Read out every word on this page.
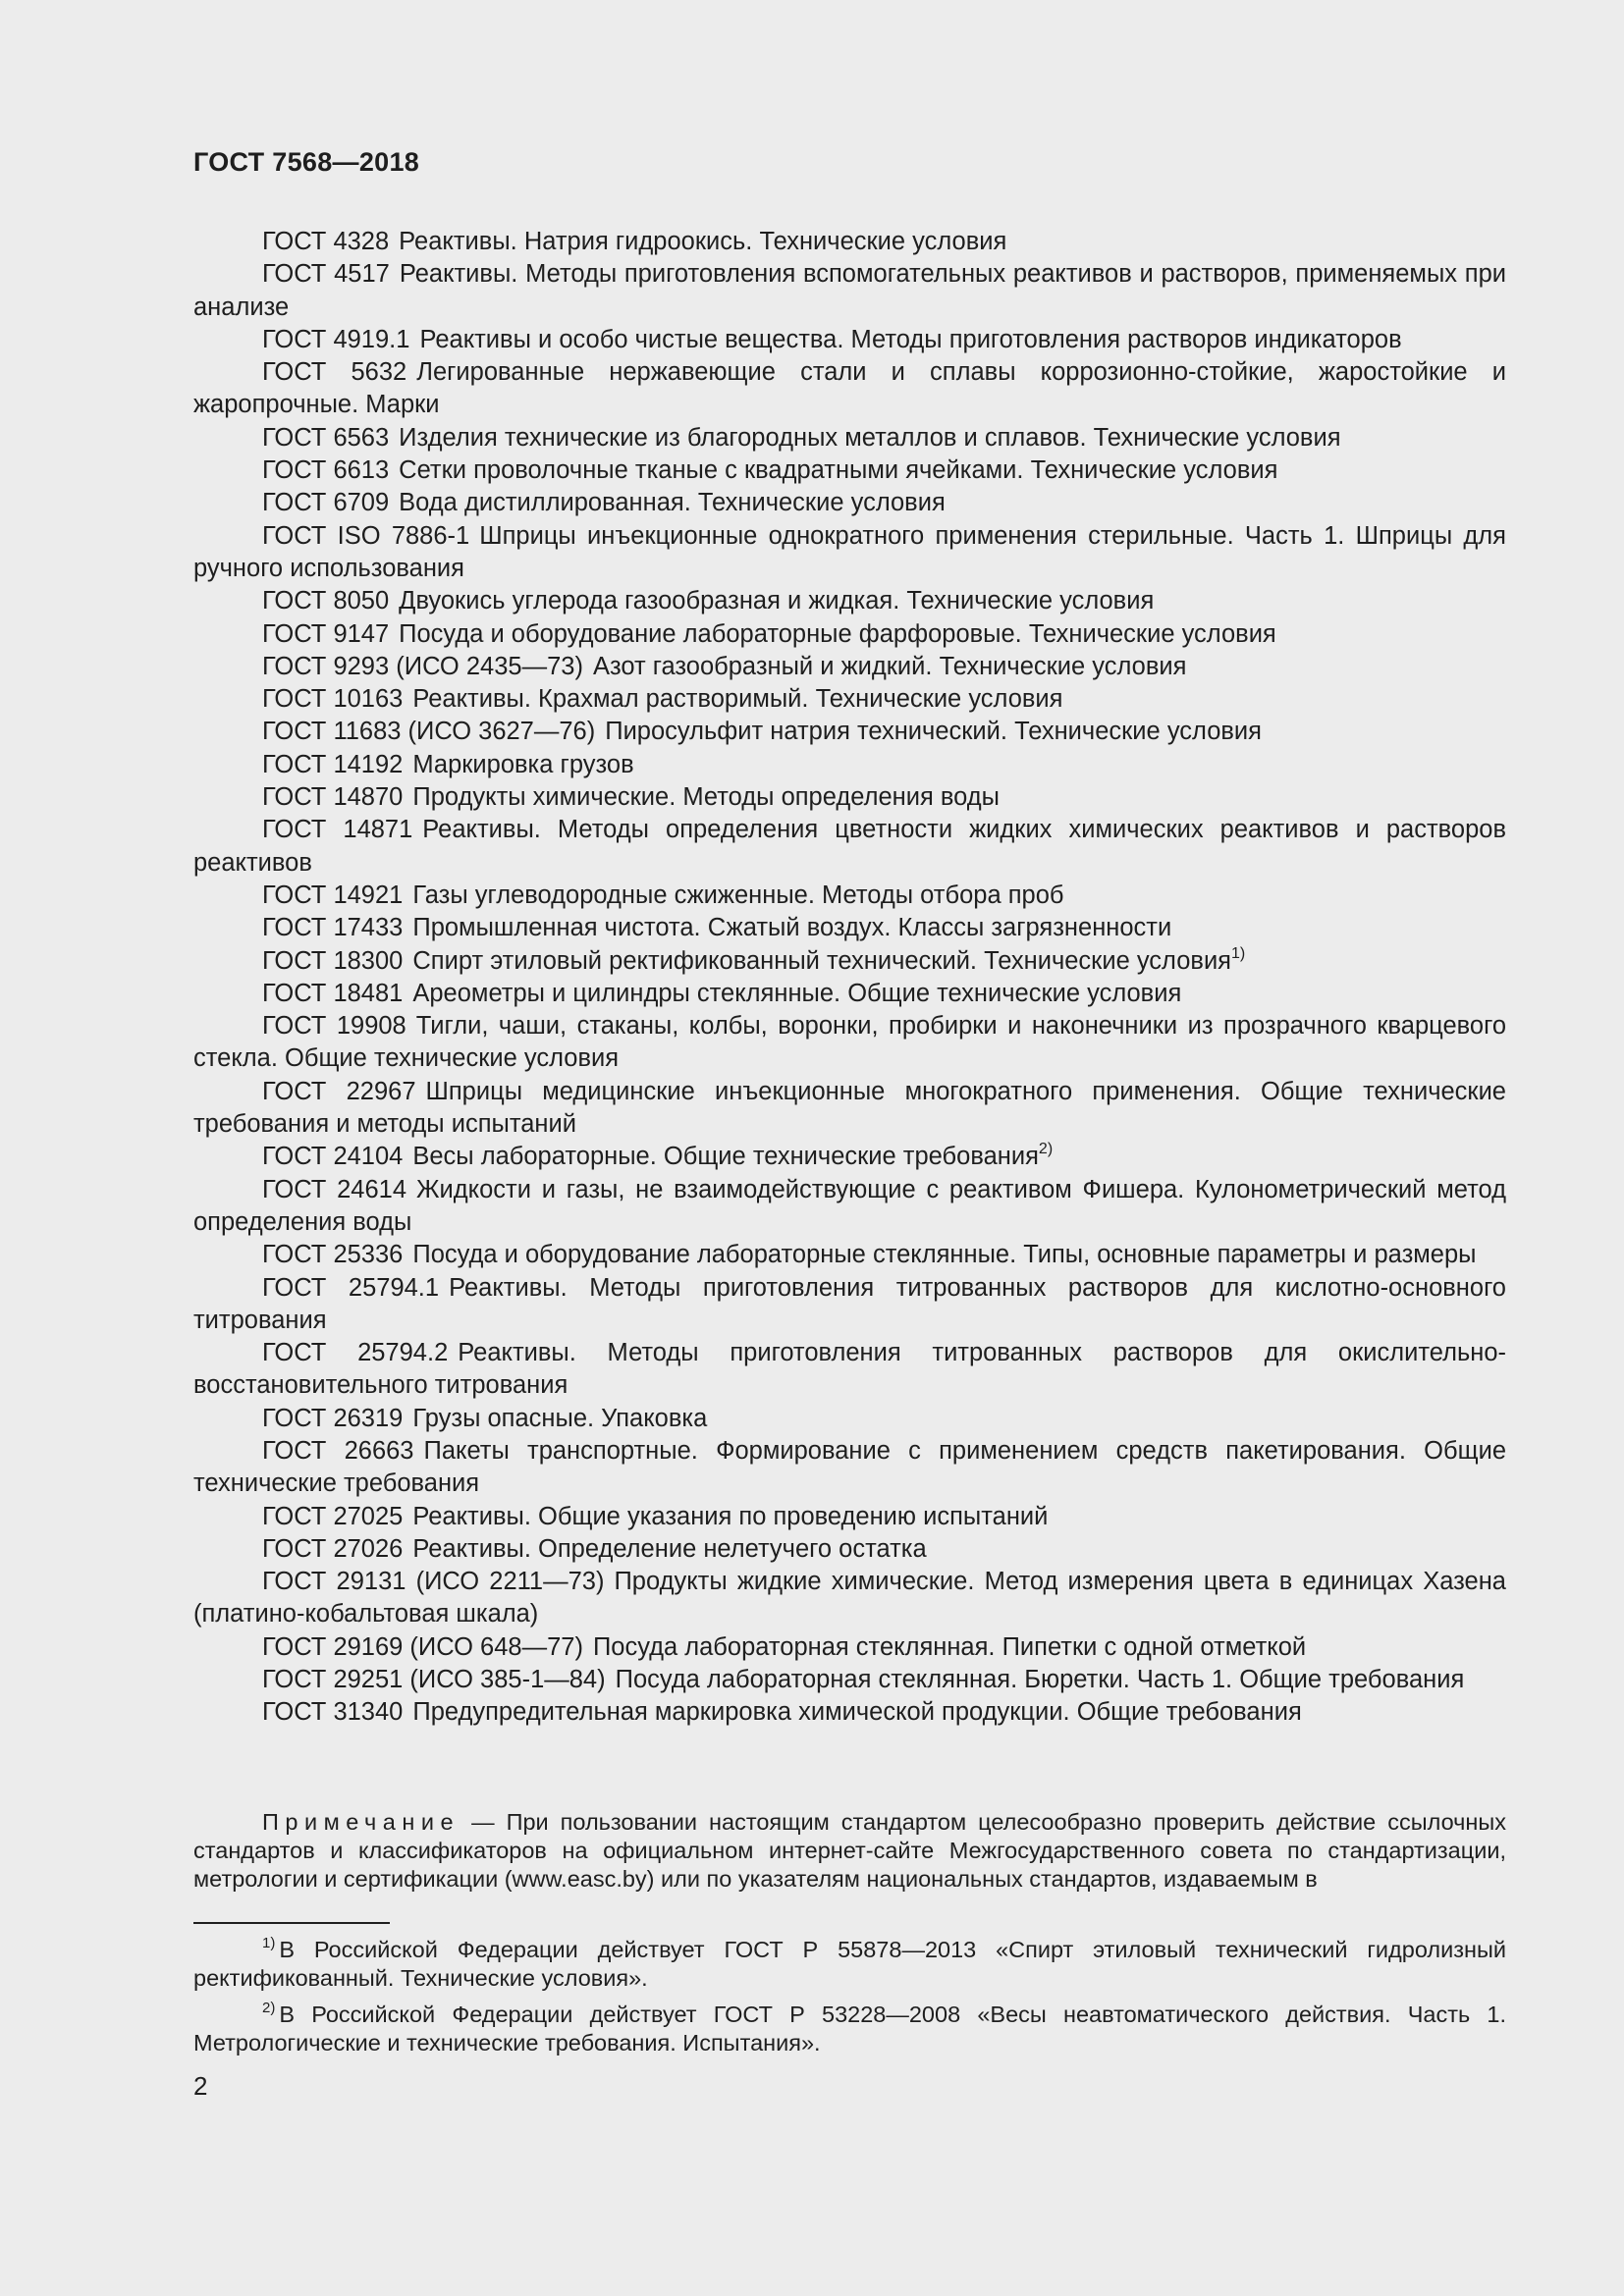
ГОСТ 7568—2018
ГОСТ 4328 Реактивы. Натрия гидроокись. Технические условия
ГОСТ 4517 Реактивы. Методы приготовления вспомогательных реактивов и растворов, применяемых при анализе
ГОСТ 4919.1 Реактивы и особо чистые вещества. Методы приготовления растворов индикаторов
ГОСТ 5632 Легированные нержавеющие стали и сплавы коррозионно-стойкие, жаростойкие и жаропрочные. Марки
ГОСТ 6563 Изделия технические из благородных металлов и сплавов. Технические условия
ГОСТ 6613 Сетки проволочные тканые с квадратными ячейками. Технические условия
ГОСТ 6709 Вода дистиллированная. Технические условия
ГОСТ ISO 7886-1 Шприцы инъекционные однократного применения стерильные. Часть 1. Шприцы для ручного использования
ГОСТ 8050 Двуокись углерода газообразная и жидкая. Технические условия
ГОСТ 9147 Посуда и оборудование лабораторные фарфоровые. Технические условия
ГОСТ 9293 (ИСО 2435—73) Азот газообразный и жидкий. Технические условия
ГОСТ 10163 Реактивы. Крахмал растворимый. Технические условия
ГОСТ 11683 (ИСО 3627—76) Пиросульфит натрия технический. Технические условия
ГОСТ 14192 Маркировка грузов
ГОСТ 14870 Продукты химические. Методы определения воды
ГОСТ 14871 Реактивы. Методы определения цветности жидких химических реактивов и растворов реактивов
ГОСТ 14921 Газы углеводородные сжиженные. Методы отбора проб
ГОСТ 17433 Промышленная чистота. Сжатый воздух. Классы загрязненности
ГОСТ 18300 Спирт этиловый ректификованный технический. Технические условия$^{1)}$
ГОСТ 18481 Ареометры и цилиндры стеклянные. Общие технические условия
ГОСТ 19908 Тигли, чаши, стаканы, колбы, воронки, пробирки и наконечники из прозрачного кварцевого стекла. Общие технические условия
ГОСТ 22967 Шприцы медицинские инъекционные многократного применения. Общие технические требования и методы испытаний
ГОСТ 24104 Весы лабораторные. Общие технические требования$^{2)}$
ГОСТ 24614 Жидкости и газы, не взаимодействующие с реактивом Фишера. Кулонометрический метод определения воды
ГОСТ 25336 Посуда и оборудование лабораторные стеклянные. Типы, основные параметры и размеры
ГОСТ 25794.1 Реактивы. Методы приготовления титрованных растворов для кислотно-основного титрования
ГОСТ 25794.2 Реактивы. Методы приготовления титрованных растворов для окислительно-восстановительного титрования
ГОСТ 26319 Грузы опасные. Упаковка
ГОСТ 26663 Пакеты транспортные. Формирование с применением средств пакетирования. Общие технические требования
ГОСТ 27025 Реактивы. Общие указания по проведению испытаний
ГОСТ 27026 Реактивы. Определение нелетучего остатка
ГОСТ 29131 (ИСО 2211—73) Продукты жидкие химические. Метод измерения цвета в единицах Хазена (платино-кобальтовая шкала)
ГОСТ 29169 (ИСО 648—77) Посуда лабораторная стеклянная. Пипетки с одной отметкой
ГОСТ 29251 (ИСО 385-1—84) Посуда лабораторная стеклянная. Бюретки. Часть 1. Общие требования
ГОСТ 31340 Предупредительная маркировка химической продукции. Общие требования
Примечание — При пользовании настоящим стандартом целесообразно проверить действие ссылочных стандартов и классификаторов на официальном интернет-сайте Межгосударственного совета по стандартизации, метрологии и сертификации (www.easc.by) или по указателям национальных стандартов, издаваемым в
$^{1)}$ В Российской Федерации действует ГОСТ Р 55878—2013 «Спирт этиловый технический гидролизный ректификованный. Технические условия».
$^{2)}$ В Российской Федерации действует ГОСТ Р 53228—2008 «Весы неавтоматического действия. Часть 1. Метрологические и технические требования. Испытания».
2
